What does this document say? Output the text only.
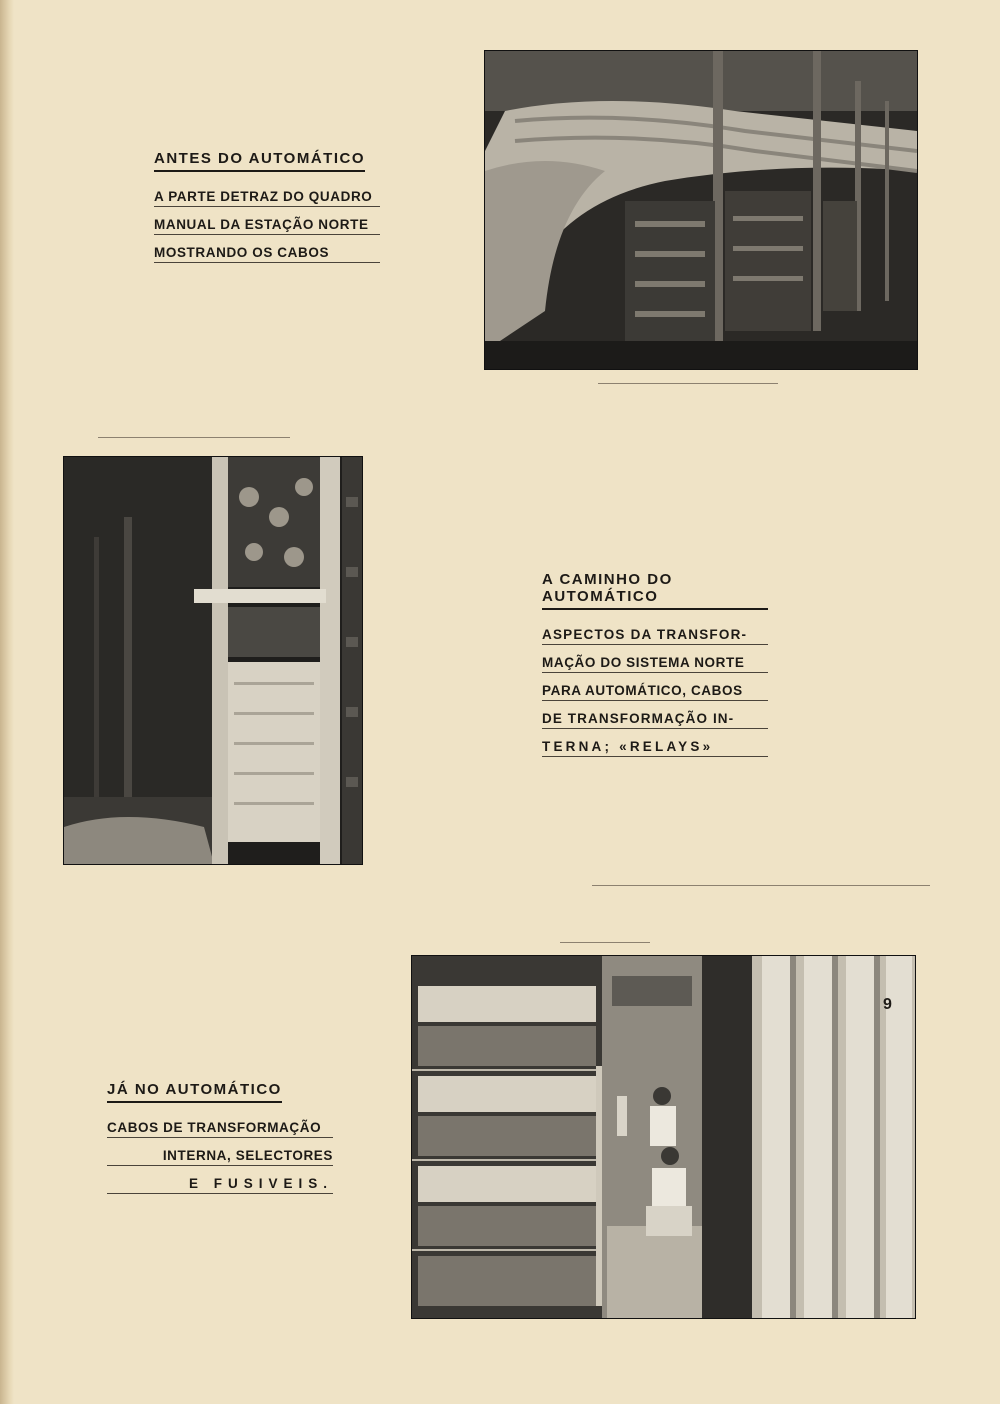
ANTES DO AUTOMÁTICO
A PARTE DETRAZ DO QUADRO
MANUAL DA ESTAÇÃO NORTE
MOSTRANDO OS CABOS
A CAMINHO DO AUTOMÁTICO
ASPECTOS DA TRANSFOR-
MAÇÃO DO SISTEMA NORTE
PARA AUTOMÁTICO, CABOS
DE TRANSFORMAÇÃO IN-
TERNA; «RELAYS»
9
JÁ NO AUTOMÁTICO
CABOS DE TRANSFORMAÇÃO
INTERNA, SELECTORES
E FUSIVEIS.
